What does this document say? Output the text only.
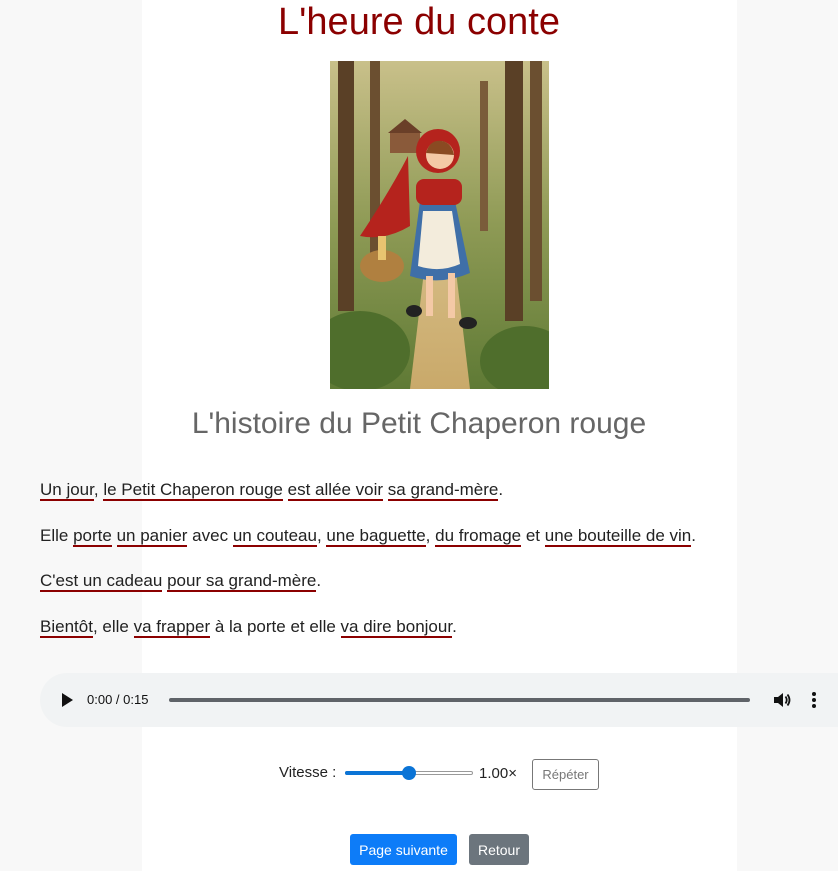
L'heure du conte
L'histoire du Petit Chaperon rouge

Un jour, le Petit Chaperon rouge est allée voir sa grand-mère.

Elle porte un panier avec un couteau, une baguette, du fromage et une bouteille de vin.

C'est un cadeau pour sa grand-mère.

Bientôt, elle va frapper à la porte et elle va dire bonjour.

0:00 / 0:15
Vitesse :	1.00×	Répéter
Page suivante	Retour
